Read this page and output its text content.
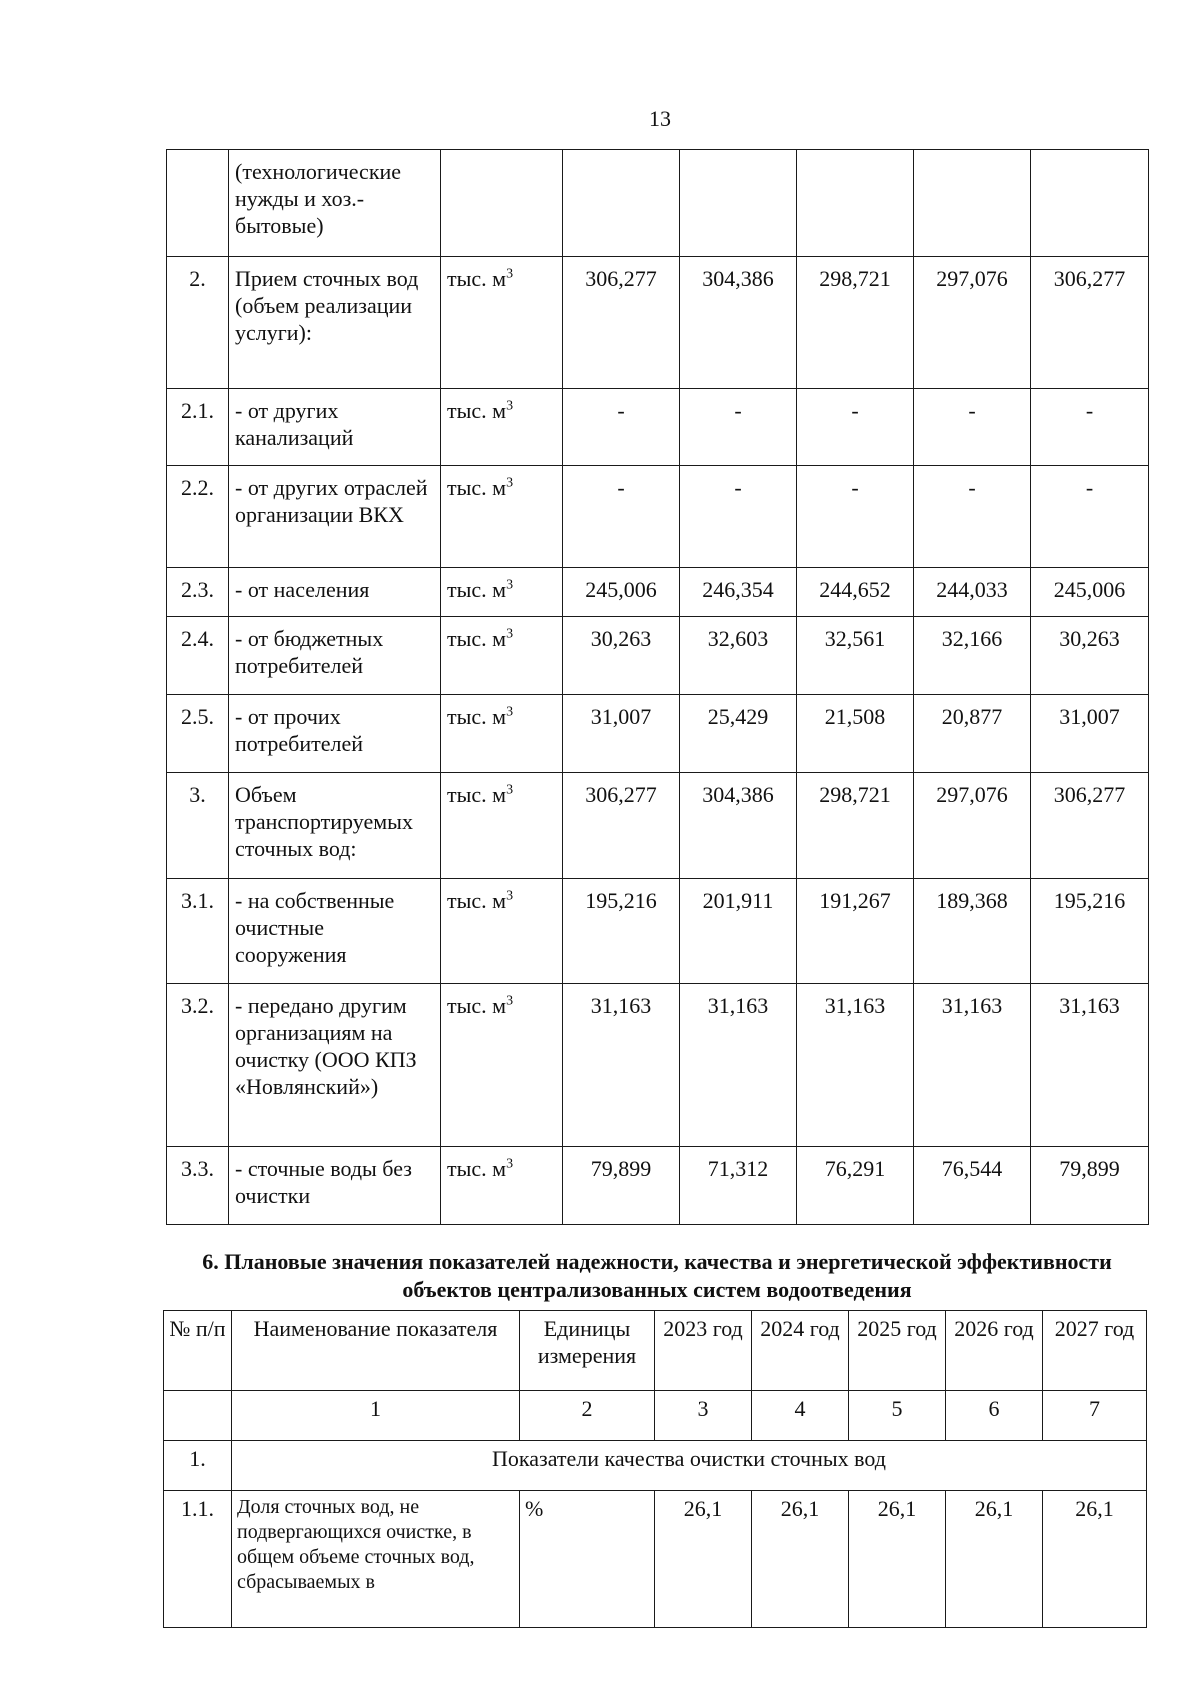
13
	(технологические нужды и хоз.-бытовые)						
2.	Прием сточных вод (объем реализации услуги):	тыс. $м^3$	306,277	304,386	298,721	297,076	306,277
2.1.	- от других канализаций	тыс. $м^3$	-	-	-	-	-
2.2.	- от других отраслей организации ВКХ	тыс. $м^3$	-	-	-	-	-
2.3.	- от населения	тыс. $м^3$	245,006	246,354	244,652	244,033	245,006
2.4.	- от бюджетных потребителей	тыс. $м^3$	30,263	32,603	32,561	32,166	30,263
2.5.	- от прочих потребителей	тыс. $м^3$	31,007	25,429	21,508	20,877	31,007
3.	Объем транспортируемых сточных вод:	тыс. $м^3$	306,277	304,386	298,721	297,076	306,277
3.1.	- на собственные очистные сооружения	тыс. $м^3$	195,216	201,911	191,267	189,368	195,216
3.2.	- передано другим организациям на очистку (ООО КПЗ «Новлянский»)	тыс. $м^3$	31,163	31,163	31,163	31,163	31,163
3.3.	- сточные воды без очистки	тыс. $м^3$	79,899	71,312	76,291	76,544	79,899
6. Плановые значения показателей надежности, качества и энергетической эффективности объектов централизованных систем водоотведения
№ п/п	Наименование показателя	Единицы измерения	2023 год	2024 год	2025 год	2026 год	2027 год
	1	2	3	4	5	6	7
1.	Показатели качества очистки сточных вод						
1.1.	Доля сточных вод, не подвергающихся очистке, в общем объеме сточных вод, сбрасываемых в	%	26,1	26,1	26,1	26,1	26,1
